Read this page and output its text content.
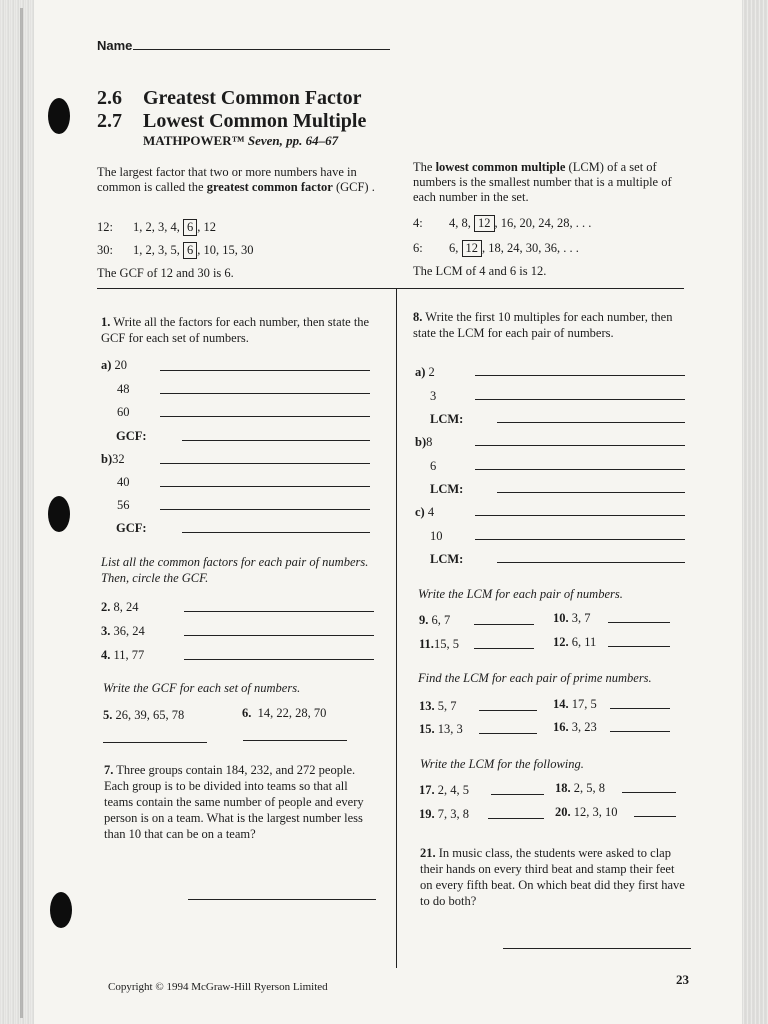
Name
2.6 Greatest Common Factor
2.7 Lowest Common Multiple
MATHPOWER™ Seven, pp. 64–67
The largest factor that two or more numbers have in common is called the greatest common factor (GCF) .
12: 1, 2, 3, 4, 6 , 12
30: 1, 2, 3, 5, 6 , 10, 15, 30
The GCF of 12 and 30 is 6.
The lowest common multiple (LCM) of a set of numbers is the smallest number that is a multiple of each number in the set.
4: 4, 8, 12 , 16, 20, 24, 28, . . .
6: 6, 12 , 18, 24, 30, 36, . . .
The LCM of 4 and 6 is 12.
1. Write all the factors for each number, then state the GCF for each set of numbers.
a) 20
48
60
GCF:
b)32
40
56
GCF:
List all the common factors for each pair of numbers. Then, circle the GCF.
2. 8, 24
3. 36, 24
4. 11, 77
Write the GCF for each set of numbers.
5. 26, 39, 65, 78	6. 14, 22, 28, 70
7. Three groups contain 184, 232, and 272 people. Each group is to be divided into teams so that all teams contain the same number of people and every person is on a team. What is the largest number less than 10 that can be on a team?
8. Write the first 10 multiples for each number, then state the LCM for each pair of numbers.
a) 2
3
LCM:
b)8
6
LCM:
c) 4
10
LCM:
Write the LCM for each pair of numbers.
9. 6, 7	10. 3, 7
11.15, 5	12. 6, 11
Find the LCM for each pair of prime numbers.
13. 5, 7	14. 17, 5
15. 13, 3	16. 3, 23
Write the LCM for the following.
17. 2, 4, 5	18. 2, 5, 8
19. 7, 3, 8	20. 12, 3, 10
21. In music class, the students were asked to clap their hands on every third beat and stamp their feet on every fifth beat. On which beat did they first have to do both?
Copyright © 1994 McGraw-Hill Ryerson Limited	23
